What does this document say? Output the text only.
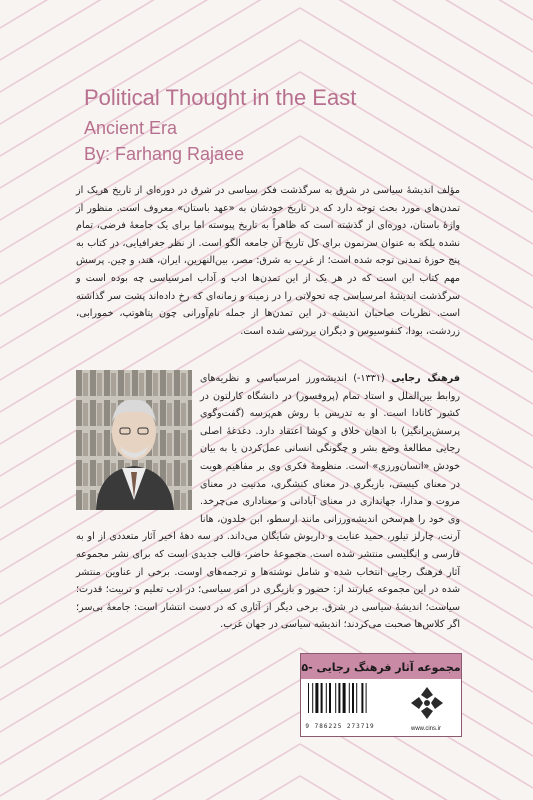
Political Thought in the East
Ancient Era
By: Farhang Rajaee
مؤلف اندیشهٔ سیاسی در شرق به سرگذشت فکر سیاسی در شرق در دوره‌ای از تاریخ هریک از تمدن‌های مورد بحث توجه دارد که در تاریخ خودشان به «عهد باستان» معروف است. منظور از واژهٔ باستان، دوره‌ای از گذشته است که ظاهراً به تاریخ پیوسته اما برای یک جامعهٔ فرضی، تمام نشده بلکه به عنوان سرنمون برای کل تاریخ آن جامعه الگو است. از نظر جغرافیایی، در کتاب به پنج حوزهٔ تمدنی توجه شده است؛ از غرب به شرق: مصر، بین‌النهرین، ایران، هند، و چین. پرسش مهم کتاب این است که در هر یک از این تمدن‌ها ادب و آداب امرسیاسی چه بوده است و سرگذشت اندیشهٔ امرسیاسی چه تحولاتی را در زمینه و زمانه‌ای که رخ داده‌اند پشت سر گذاشته است. نظریات صاحبان اندیشه در این تمدن‌ها از جمله نام‌آورانی چون پتاهوتپ، خمورابی، زردشت، بودا، کنفوسیوس و دیگران بررسی شده است.
فرهنگ رجایی (۱۳۳۱-) اندیشه‌ورز امرسیاسی و نظریه‌های روابط بین‌الملل و استاد تمام (پروفسور) در دانشگاه کارلتون در کشور کانادا است. او به تدریس با روش هم‌پرسه (گفت‌وگوی پرسش‌برانگیز) با اذهان خلاق و کوشا اعتقاد دارد. دغدغهٔ اصلی رجایی مطالعهٔ وضع بشر و چگونگی انسانی عمل‌کردن یا به بیان خودش «انسان‌ورزی» است. منظومهٔ فکری وی بر مفاهیم هویت در معنای کیستی، بازیگری در معنای کنشگری، مدنیت در معنای مروت و مدارا، جهانداری در معنای آبادانی و معناداری می‌چرخد. وی خود را هم‌سخن اندیشه‌ورزانی مانند ارسطو، ابن خلدون، هانا آرنت، چارلز تیلور، حمید عنایت و داریوش شایگان می‌داند. در سه دههٔ اخیر آثار متعددی از او به فارسی و انگلیسی منتشر شده است. مجموعهٔ حاضر، قالب جدیدی است که برای نشر مجموعه آثار فرهنگ رجایی انتخاب شده و شامل نوشته‌ها و ترجمه‌های اوست. برخی از عناوین منتشر شده در این مجموعه عبارتند از: حضور و بازیگری در امر سیاسی؛ در ادب تعلیم و تربیت؛ قدرت؛ سیاست؛ اندیشهٔ سیاسی در شرق. برخی دیگر از آثاری که در دست انتشار است: جامعهٔ بی‌سر؛ اگر کلاس‌ها صحبت می‌کردند؛ اندیشه سیاسی در جهان غرب.
مجموعه آثار فرهنگ رجایی -۵
9 786225 273719	www.cins.ir
